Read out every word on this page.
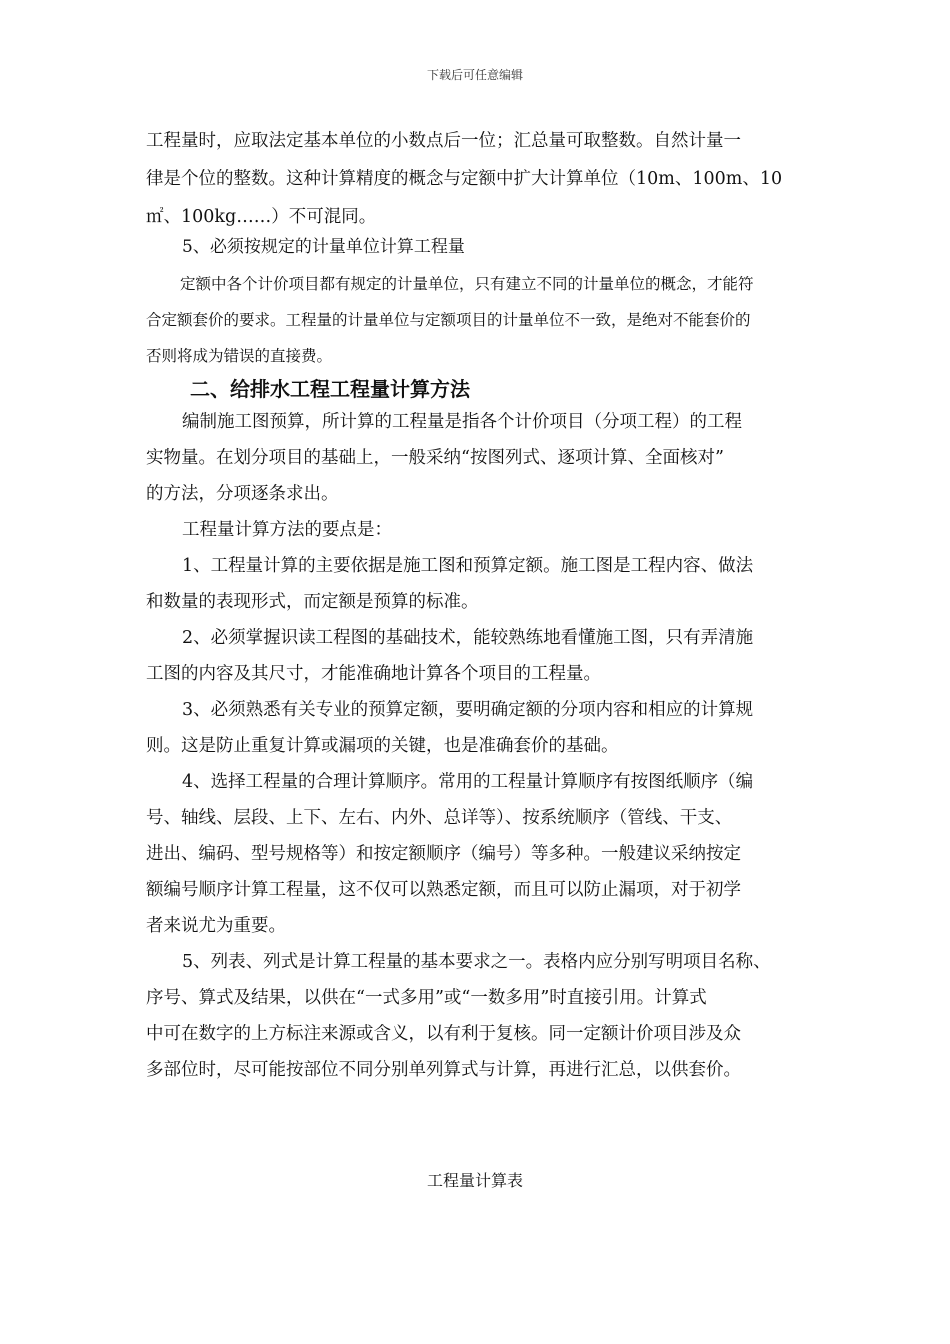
下载后可任意编辑
工程量时，应取法定基本单位的小数点后一位；汇总量可取整数。自然计量一
律是个位的整数。这种计算精度的概念与定额中扩大计算单位（10m、100m、10
㎡、100kg……）不可混同。
5、必须按规定的计量单位计算工程量
定额中各个计价项目都有规定的计量单位，只有建立不同的计量单位的概念，才能符
合定额套价的要求。工程量的计量单位与定额项目的计量单位不一致，是绝对不能套价的
否则将成为错误的直接费。
二、给排水工程工程量计算方法
编制施工图预算，所计算的工程量是指各个计价项目（分项工程）的工程
实物量。在划分项目的基础上，一般采纳“按图列式、逐项计算、全面核对”
的方法，分项逐条求出。
工程量计算方法的要点是：
1、工程量计算的主要依据是施工图和预算定额。施工图是工程内容、做法
和数量的表现形式，而定额是预算的标准。
2、必须掌握识读工程图的基础技术，能较熟练地看懂施工图，只有弄清施
工图的内容及其尺寸，才能准确地计算各个项目的工程量。
3、必须熟悉有关专业的预算定额，要明确定额的分项内容和相应的计算规
则。这是防止重复计算或漏项的关键，也是准确套价的基础。
4、选择工程量的合理计算顺序。常用的工程量计算顺序有按图纸顺序（编
号、轴线、层段、上下、左右、内外、总详等）、按系统顺序（管线、干支、
进出、编码、型号规格等）和按定额顺序（编号）等多种。一般建议采纳按定
额编号顺序计算工程量，这不仅可以熟悉定额，而且可以防止漏项，对于初学
者来说尤为重要。
5、列表、列式是计算工程量的基本要求之一。表格内应分别写明项目名称、
序号、算式及结果，以供在“一式多用”或“一数多用”时直接引用。计算式
中可在数字的上方标注来源或含义，以有利于复核。同一定额计价项目涉及众
多部位时，尽可能按部位不同分别单列算式与计算，再进行汇总，以供套价。
工程量计算表
